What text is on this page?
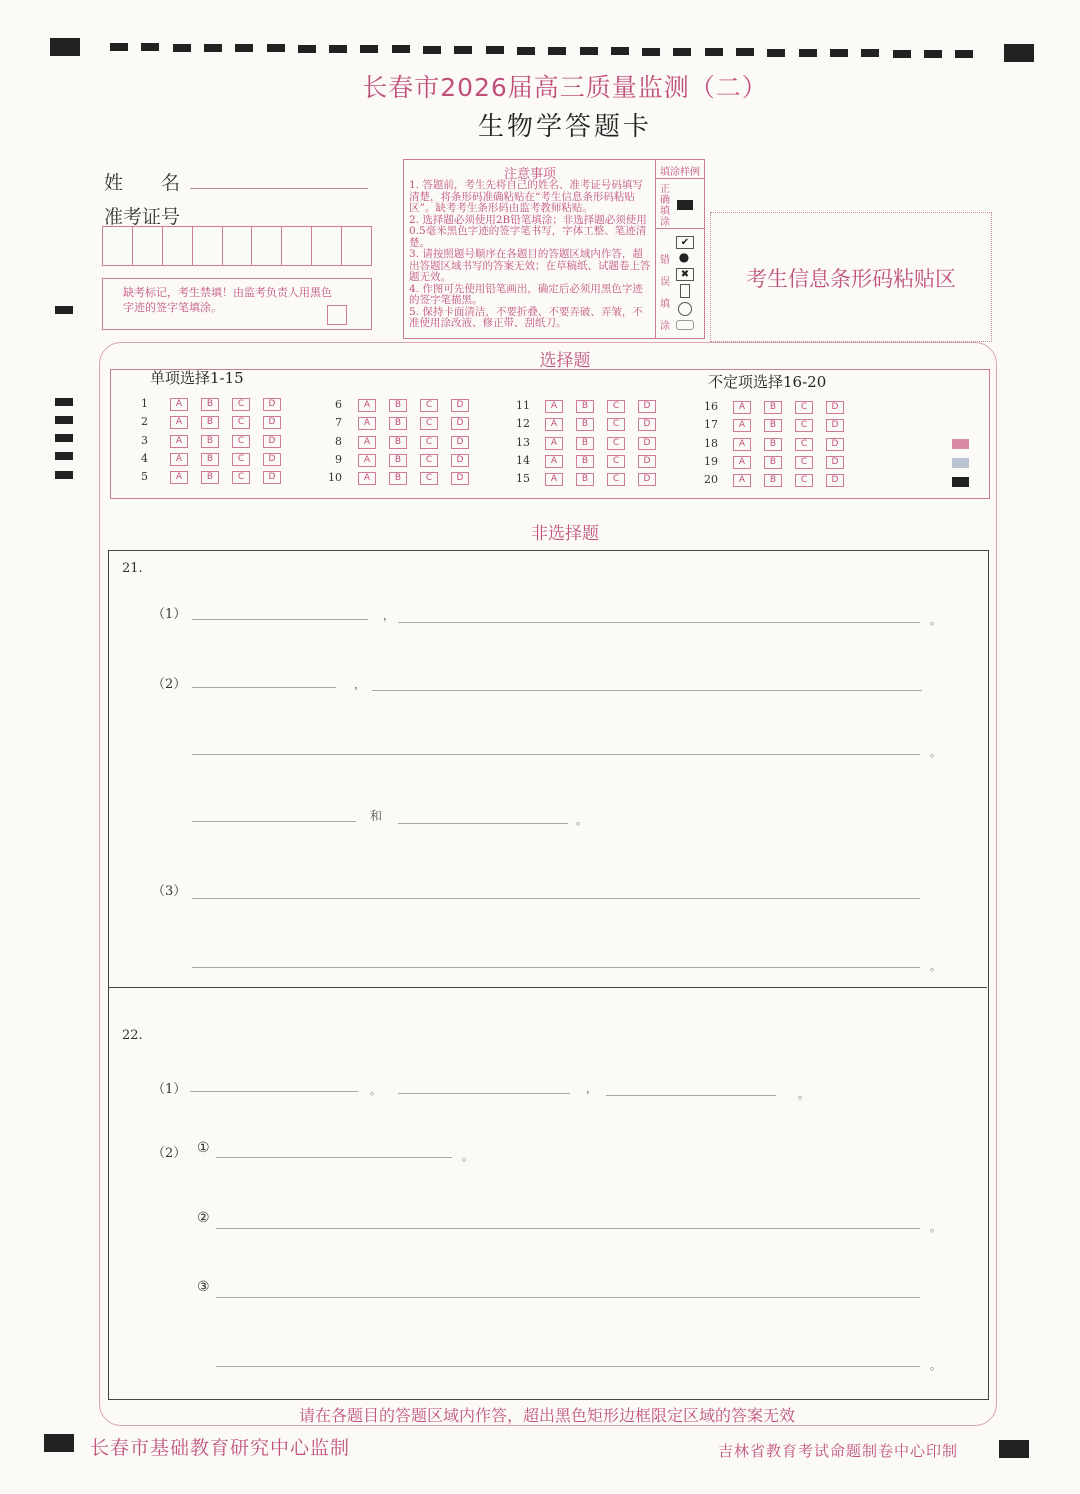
长春市2026届高三质量监测（二）
生物学答题卡
姓　　名
准考证号
缺考标记，考生禁填！由监考负责人用黑色字迹的签字笔填涂。
注意事项
1. 答题前，考生先将自己的姓名、准考证号码填写清楚，将条形码准确粘贴在“考生信息条形码粘贴区”。缺考考生条形码由监考教师粘贴。
2. 选择题必须使用2B铅笔填涂；非选择题必须使用0.5毫米黑色字迹的签字笔书写，字体工整、笔迹清楚。
3. 请按照题号顺序在各题目的答题区域内作答，超出答题区域书写的答案无效；在草稿纸、试题卷上答题无效。
4. 作图可先使用铅笔画出，确定后必须用黑色字迹的签字笔描黑。
5. 保持卡面清洁，不要折叠、不要弄破、弄皱，不准使用涂改液、修正带、刮纸刀。
填涂样例
正确填涂
错误填涂
✔
●
✖	考生信息条形码粘贴区
选择题
单项选择1-15	不定项选择16-20
1	A	B	C	D
2	A	B	C	D
3	A	B	C	D
4	A	B	C	D
5	A	B	C	D
6	A	B	C	D
7	A	B	C	D
8	A	B	C	D
9	A	B	C	D
10	A	B	C	D
11	A	B	C	D
12	A	B	C	D
13	A	B	C	D
14	A	B	C	D
15	A	B	C	D
16	A	B	C	D
17	A	B	C	D
18	A	B	C	D
19	A	B	C	D
20	A	B	C	D
非选择题
21.
（1）	，	。
（2）	，
。
和	。
（3）
。
22.
（1）	。	，	。
（2） ①
。
②
。
③
。
请在各题目的答题区域内作答，超出黑色矩形边框限定区域的答案无效
长春市基础教育研究中心监制	吉林省教育考试命题制卷中心印制
